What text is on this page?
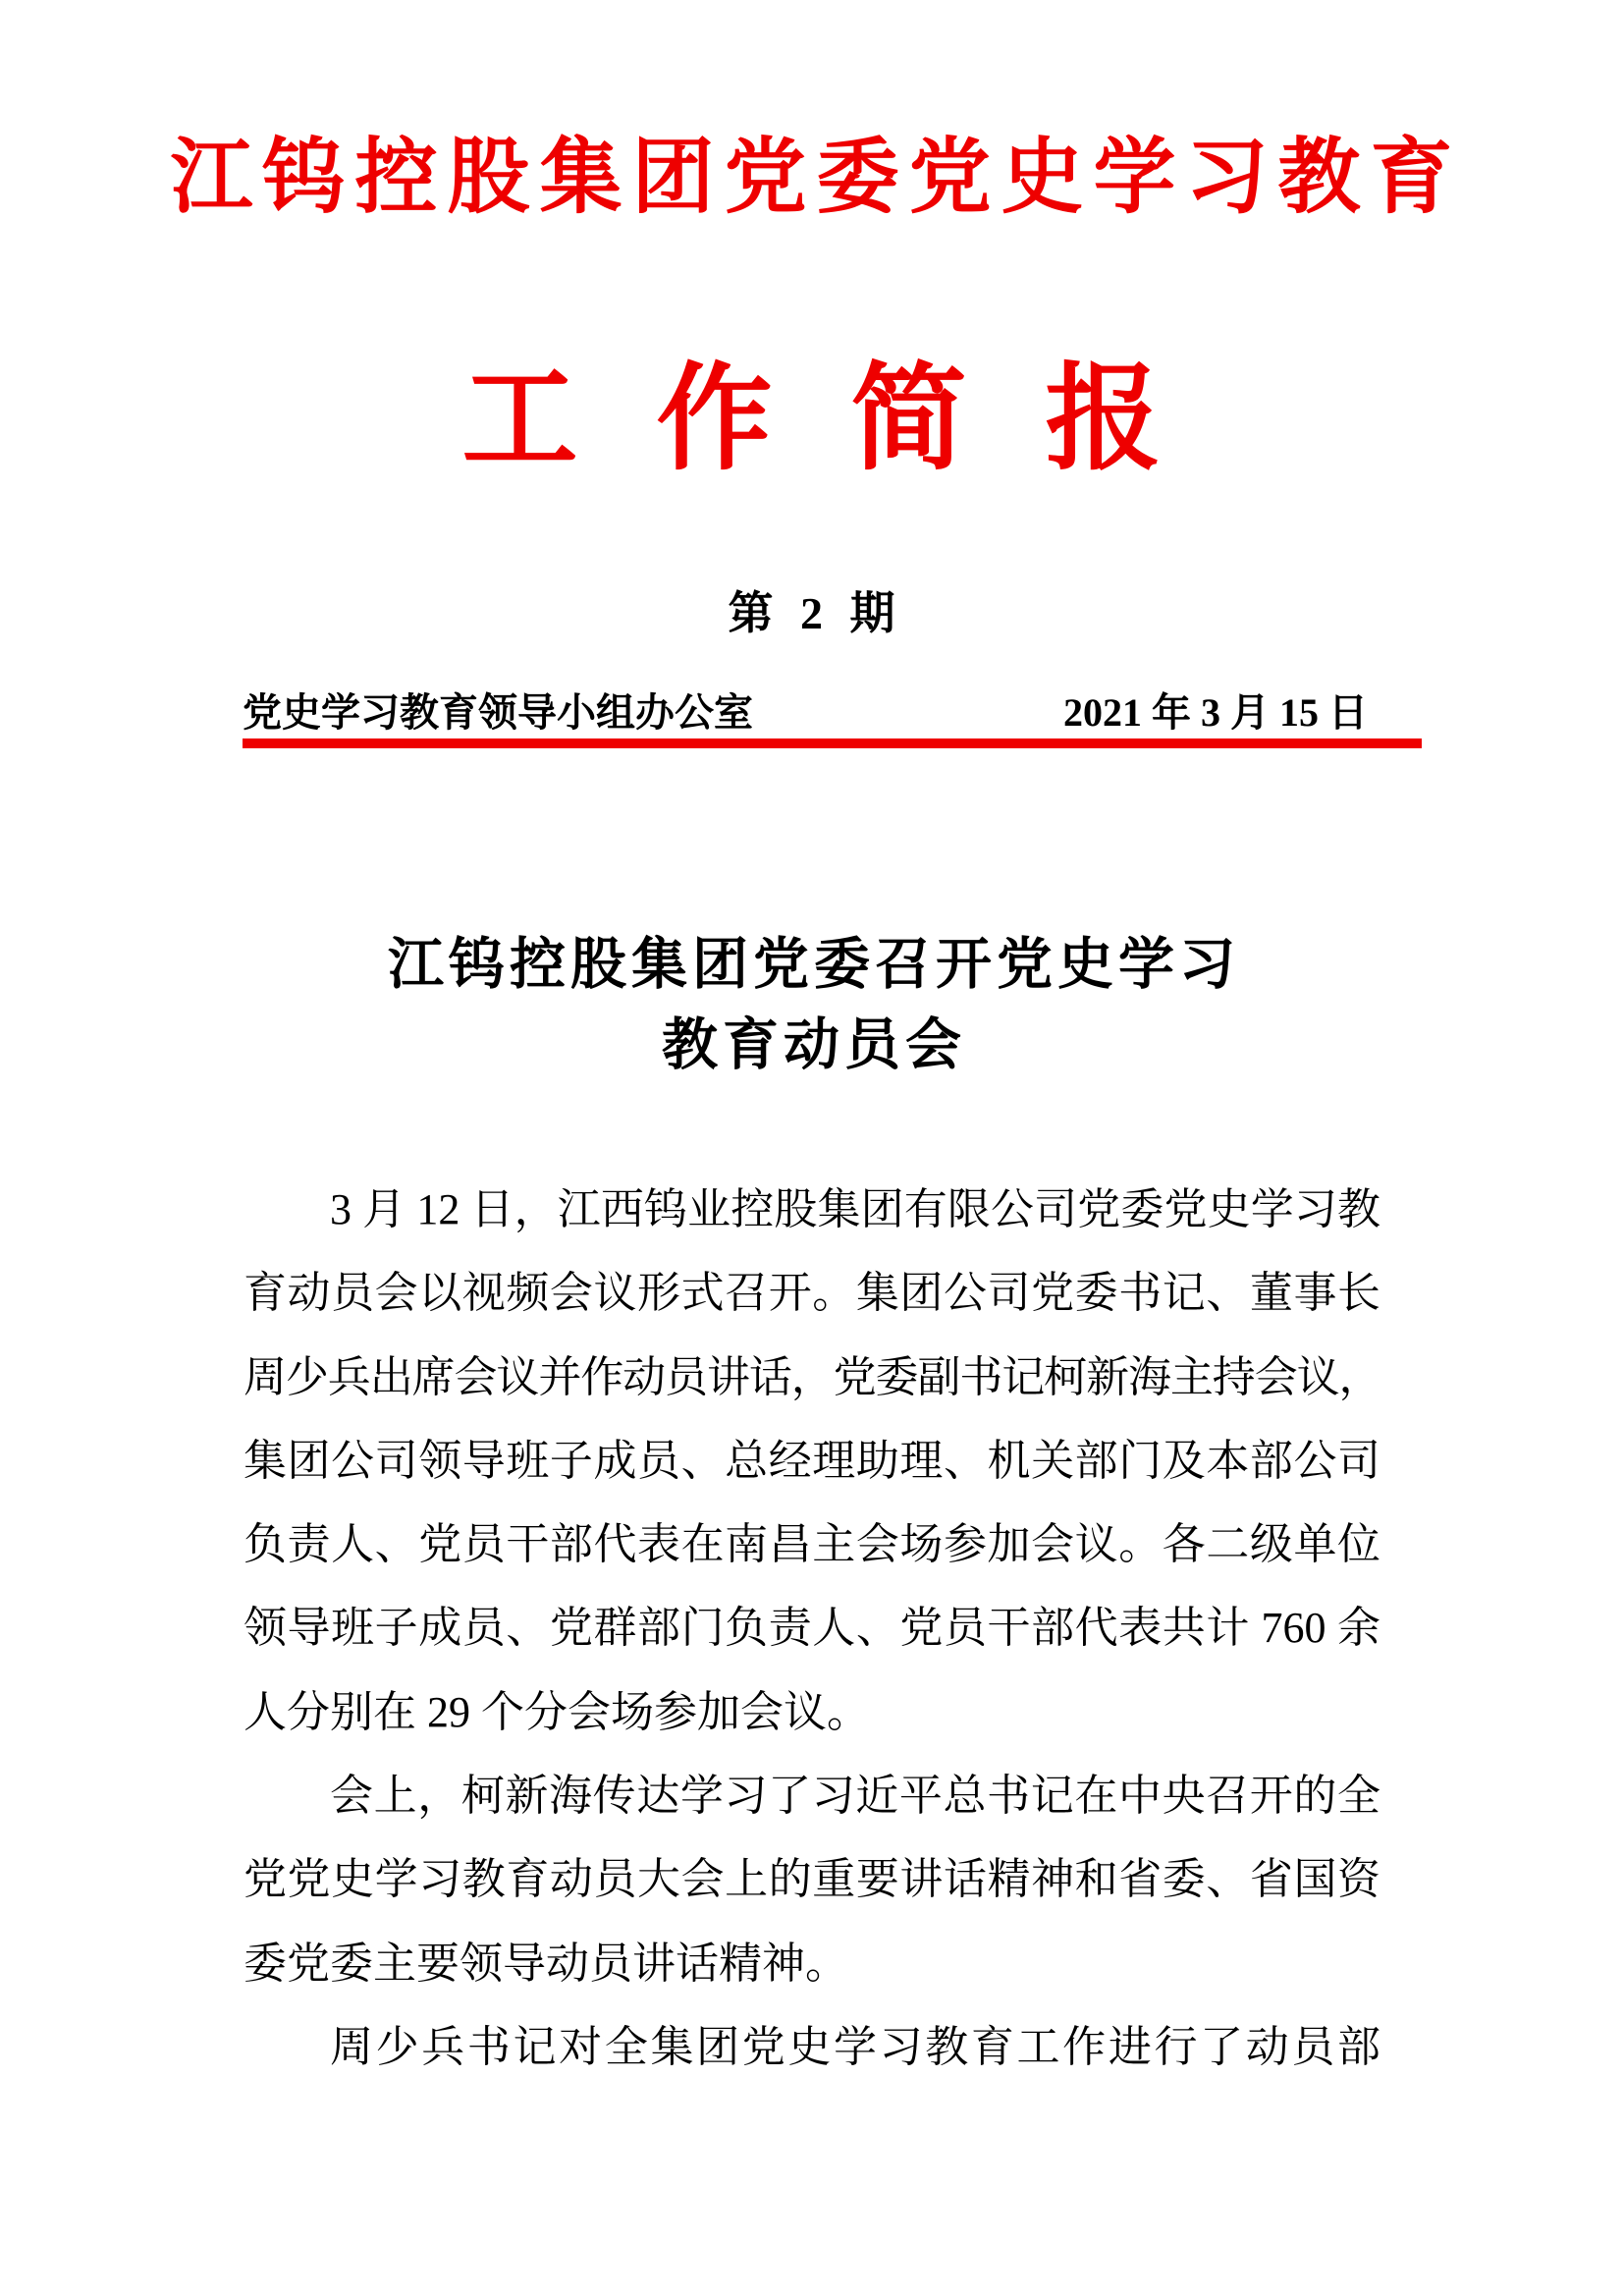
江钨控股集团党委党史学习教育
工作简报
第 2 期
党史学习教育领导小组办公室	2021 年 3 月 15 日
江钨控股集团党委召开党史学习
教育动员会
3 月 12 日，江西钨业控股集团有限公司党委党史学习教
育动员会以视频会议形式召开。集团公司党委书记、董事长
周少兵出席会议并作动员讲话，党委副书记柯新海主持会议，
集团公司领导班子成员、总经理助理、机关部门及本部公司
负责人、党员干部代表在南昌主会场参加会议。各二级单位
领导班子成员、党群部门负责人、党员干部代表共计 760 余
人分别在 29 个分会场参加会议。
会上，柯新海传达学习了习近平总书记在中央召开的全
党党史学习教育动员大会上的重要讲话精神和省委、省国资
委党委主要领导动员讲话精神。
周少兵书记对全集团党史学习教育工作进行了动员部
